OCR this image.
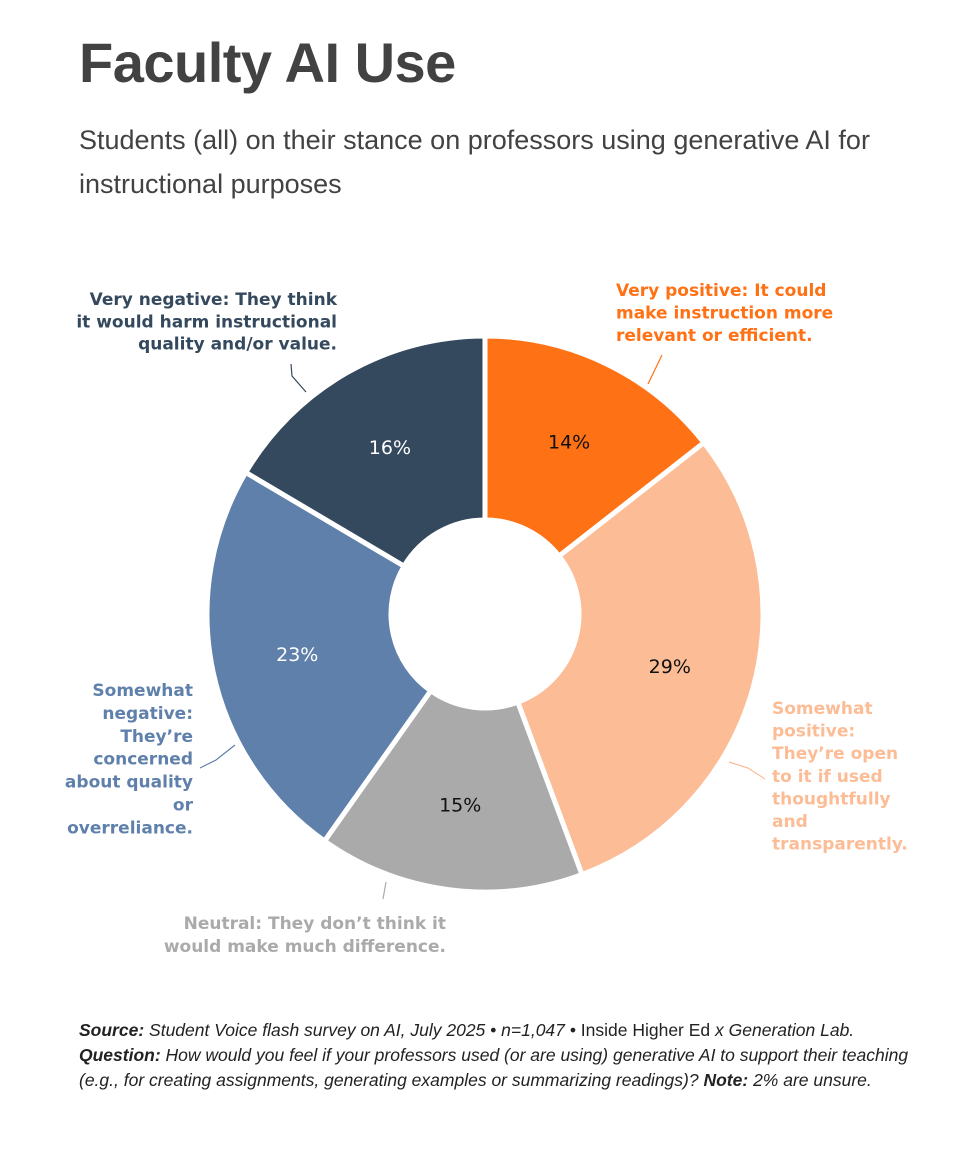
Faculty AI Use

Students (all) on their stance on professors using generative AI for instructional purposes

14%
29%
15%
23%
16%
Very positive: It could make instruction more relevant or efficient.
Somewhat positive: They’re open to it if used thoughtfully and transparently.
Neutral: They don’t think it would make much difference.
Somewhat negative: They’re concerned about quality or overreliance.
Very negative: They think it would harm instructional quality and/or value.

Source: Student Voice flash survey on AI, July 2025 • n=1,047 • Inside Higher Ed x Generation Lab. Question: How would you feel if your professors used (or are using) generative AI to support their teaching (e.g., for creating assignments, generating examples or summarizing readings)? Note: 2% are unsure.
